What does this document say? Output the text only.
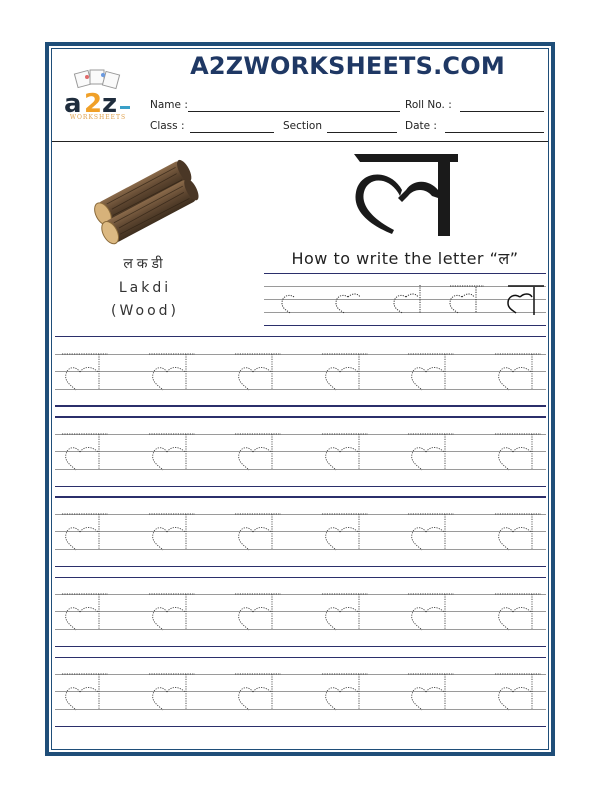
a 2 z
WORKSHEETS
A2ZWORKSHEETS.COM
Name :	Roll No. :
Class :	Section	Date :
लकडी
Lakdi
(Wood)
How to write the letter “ल”
